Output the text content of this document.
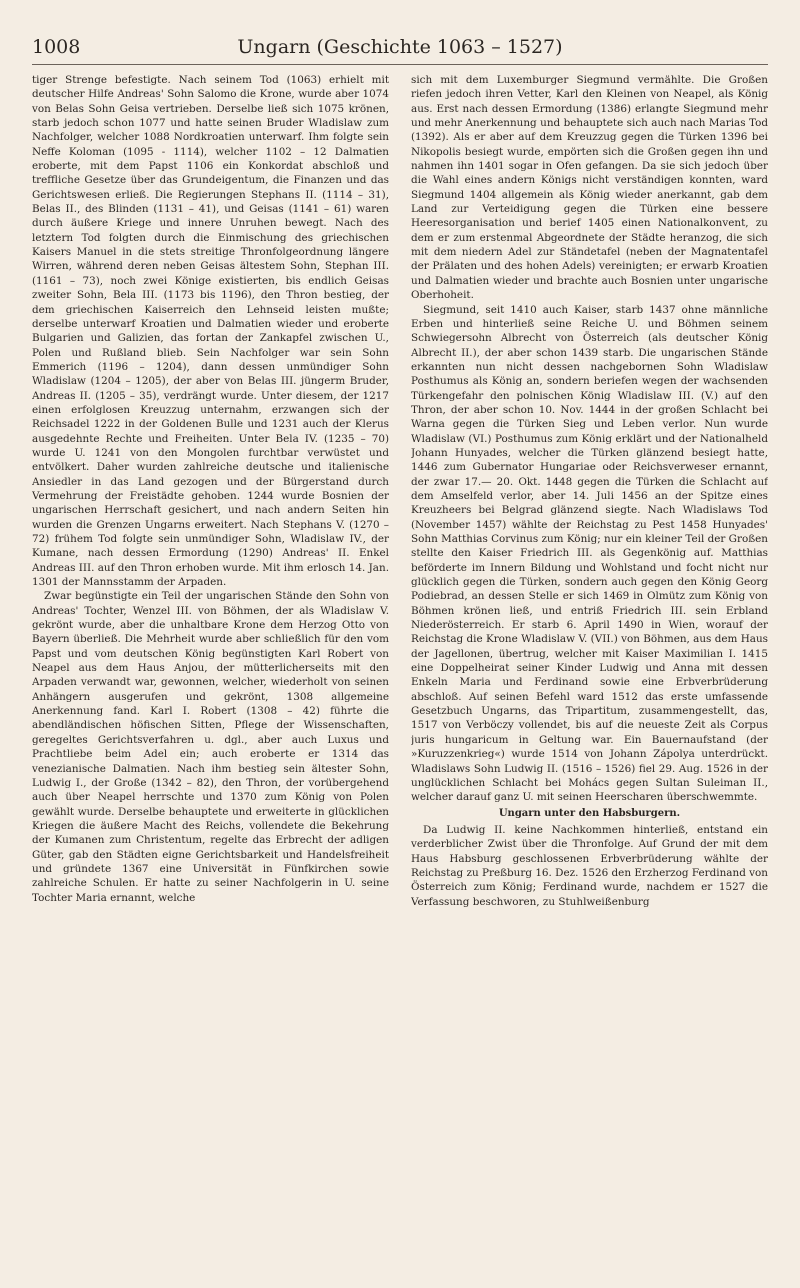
1008	Ungarn (Geschichte 1063 – 1527)

tiger Strenge befestigte. Nach seinem Tod (1063) erhielt mit deutscher Hilfe Andreas' Sohn Salomo die Krone, wurde aber 1074 von Belas Sohn Geisa vertrieben. Derselbe ließ sich 1075 krönen, starb jedoch schon 1077 und hatte seinen Bruder Wladislaw zum Nachfolger, welcher 1088 Nordkroatien unterwarf. Ihm folgte sein Neffe Koloman (1095 - 1114), welcher 1102 – 12 Dalmatien eroberte, mit dem Papst 1106 ein Konkordat abschloß und treffliche Gesetze über das Grundeigentum, die Finanzen und das Gerichtswesen erließ. Die Regierungen Stephans II. (1114 – 31), Belas II., des Blinden (1131 – 41), und Geisas (1141 – 61) waren durch äußere Kriege und innere Unruhen bewegt. Nach des letztern Tod folgten durch die Einmischung des griechischen Kaisers Manuel in die stets streitige Thronfolgeordnung längere Wirren, während deren neben Geisas ältestem Sohn, Stephan III. (1161 – 73), noch zwei Könige existierten, bis endlich Geisas zweiter Sohn, Bela III. (1173 bis 1196), den Thron bestieg, der dem griechischen Kaiserreich den Lehnseid leisten mußte; derselbe unterwarf Kroatien und Dalmatien wieder und eroberte Bulgarien und Galizien, das fortan der Zankapfel zwischen U., Polen und Rußland blieb. Sein Nachfolger war sein Sohn Emmerich (1196 – 1204), dann dessen unmündiger Sohn Wladislaw (1204 – 1205), der aber von Belas III. jüngerm Bruder, Andreas II. (1205 – 35), verdrängt wurde. Unter diesem, der 1217 einen erfolglosen Kreuzzug unternahm, erzwangen sich der Reichsadel 1222 in der Goldenen Bulle und 1231 auch der Klerus ausgedehnte Rechte und Freiheiten. Unter Bela IV. (1235 – 70) wurde U. 1241 von den Mongolen furchtbar verwüstet und entvölkert. Daher wurden zahlreiche deutsche und italienische Ansiedler in das Land gezogen und der Bürgerstand durch Vermehrung der Freistädte gehoben. 1244 wurde Bosnien der ungarischen Herrschaft gesichert, und nach andern Seiten hin wurden die Grenzen Ungarns erweitert. Nach Stephans V. (1270 – 72) frühem Tod folgte sein unmündiger Sohn, Wladislaw IV., der Kumane, nach dessen Ermordung (1290) Andreas' II. Enkel Andreas III. auf den Thron erhoben wurde. Mit ihm erlosch 14. Jan. 1301 der Mannsstamm der Arpaden.

Zwar begünstigte ein Teil der ungarischen Stände den Sohn von Andreas' Tochter, Wenzel III. von Böhmen, der als Wladislaw V. gekrönt wurde, aber die unhaltbare Krone dem Herzog Otto von Bayern überließ. Die Mehrheit wurde aber schließlich für den vom Papst und vom deutschen König begünstigten Karl Robert von Neapel aus dem Haus Anjou, der mütterlicherseits mit den Arpaden verwandt war, gewonnen, welcher, wiederholt von seinen Anhängern ausgerufen und gekrönt, 1308 allgemeine Anerkennung fand. Karl I. Robert (1308 – 42) führte die abendländischen höfischen Sitten, Pflege der Wissenschaften, geregeltes Gerichtsverfahren u. dgl., aber auch Luxus und Prachtliebe beim Adel ein; auch eroberte er 1314 das venezianische Dalmatien. Nach ihm bestieg sein ältester Sohn, Ludwig I., der Große (1342 – 82), den Thron, der vorübergehend auch über Neapel herrschte und 1370 zum König von Polen gewählt wurde. Derselbe behauptete und erweiterte in glücklichen Kriegen die äußere Macht des Reichs, vollendete die Bekehrung der Kumanen zum Christentum, regelte das Erbrecht der adligen Güter, gab den Städten eigne Gerichtsbarkeit und Handelsfreiheit und gründete 1367 eine Universität in Fünfkirchen sowie zahlreiche Schulen. Er hatte zu seiner Nachfolgerin in U. seine Tochter Maria ernannt, welche

sich mit dem Luxemburger Siegmund vermählte. Die Großen riefen jedoch ihren Vetter, Karl den Kleinen von Neapel, als König aus. Erst nach dessen Ermordung (1386) erlangte Siegmund mehr und mehr Anerkennung und behauptete sich auch nach Marias Tod (1392). Als er aber auf dem Kreuzzug gegen die Türken 1396 bei Nikopolis besiegt wurde, empörten sich die Großen gegen ihn und nahmen ihn 1401 sogar in Ofen gefangen. Da sie sich jedoch über die Wahl eines andern Königs nicht verständigen konnten, ward Siegmund 1404 allgemein als König wieder anerkannt, gab dem Land zur Verteidigung gegen die Türken eine bessere Heeresorganisation und berief 1405 einen Nationalkonvent, zu dem er zum erstenmal Abgeordnete der Städte heranzog, die sich mit dem niedern Adel zur Ständetafel (neben der Magnatentafel der Prälaten und des hohen Adels) vereinigten; er erwarb Kroatien und Dalmatien wieder und brachte auch Bosnien unter ungarische Oberhoheit.

Siegmund, seit 1410 auch Kaiser, starb 1437 ohne männliche Erben und hinterließ seine Reiche U. und Böhmen seinem Schwiegersohn Albrecht von Österreich (als deutscher König Albrecht II.), der aber schon 1439 starb. Die ungarischen Stände erkannten nun nicht dessen nachgebornen Sohn Wladislaw Posthumus als König an, sondern beriefen wegen der wachsenden Türkengefahr den polnischen König Wladislaw III. (V.) auf den Thron, der aber schon 10. Nov. 1444 in der großen Schlacht bei Warna gegen die Türken Sieg und Leben verlor. Nun wurde Wladislaw (VI.) Posthumus zum König erklärt und der Nationalheld Johann Hunyades, welcher die Türken glänzend besiegt hatte, 1446 zum Gubernator Hungariae oder Reichsverweser ernannt, der zwar 17.— 20. Okt. 1448 gegen die Türken die Schlacht auf dem Amselfeld verlor, aber 14. Juli 1456 an der Spitze eines Kreuzheers bei Belgrad glänzend siegte. Nach Wladislaws Tod (November 1457) wählte der Reichstag zu Pest 1458 Hunyades' Sohn Matthias Corvinus zum König; nur ein kleiner Teil der Großen stellte den Kaiser Friedrich III. als Gegenkönig auf. Matthias beförderte im Innern Bildung und Wohlstand und focht nicht nur glücklich gegen die Türken, sondern auch gegen den König Georg Podiebrad, an dessen Stelle er sich 1469 in Olmütz zum König von Böhmen krönen ließ, und entriß Friedrich III. sein Erbland Niederösterreich. Er starb 6. April 1490 in Wien, worauf der Reichstag die Krone Wladislaw V. (VII.) von Böhmen, aus dem Haus der Jagellonen, übertrug, welcher mit Kaiser Maximilian I. 1415 eine Doppelheirat seiner Kinder Ludwig und Anna mit dessen Enkeln Maria und Ferdinand sowie eine Erbverbrüderung abschloß. Auf seinen Befehl ward 1512 das erste umfassende Gesetzbuch Ungarns, das Tripartitum, zusammengestellt, das, 1517 von Verböczy vollendet, bis auf die neueste Zeit als Corpus juris hungaricum in Geltung war. Ein Bauernaufstand (der »Kuruzzenkrieg«) wurde 1514 von Johann Zápolya unterdrückt. Wladislaws Sohn Ludwig II. (1516 – 1526) fiel 29. Aug. 1526 in der unglücklichen Schlacht bei Mohács gegen Sultan Suleiman II., welcher darauf ganz U. mit seinen Heerscharen überschwemmte.

Ungarn unter den Habsburgern.

Da Ludwig II. keine Nachkommen hinterließ, entstand ein verderblicher Zwist über die Thronfolge. Auf Grund der mit dem Haus Habsburg geschlossenen Erbverbrüderung wählte der Reichstag zu Preßburg 16. Dez. 1526 den Erzherzog Ferdinand von Österreich zum König; Ferdinand wurde, nachdem er 1527 die Verfassung beschworen, zu Stuhlweißenburg
